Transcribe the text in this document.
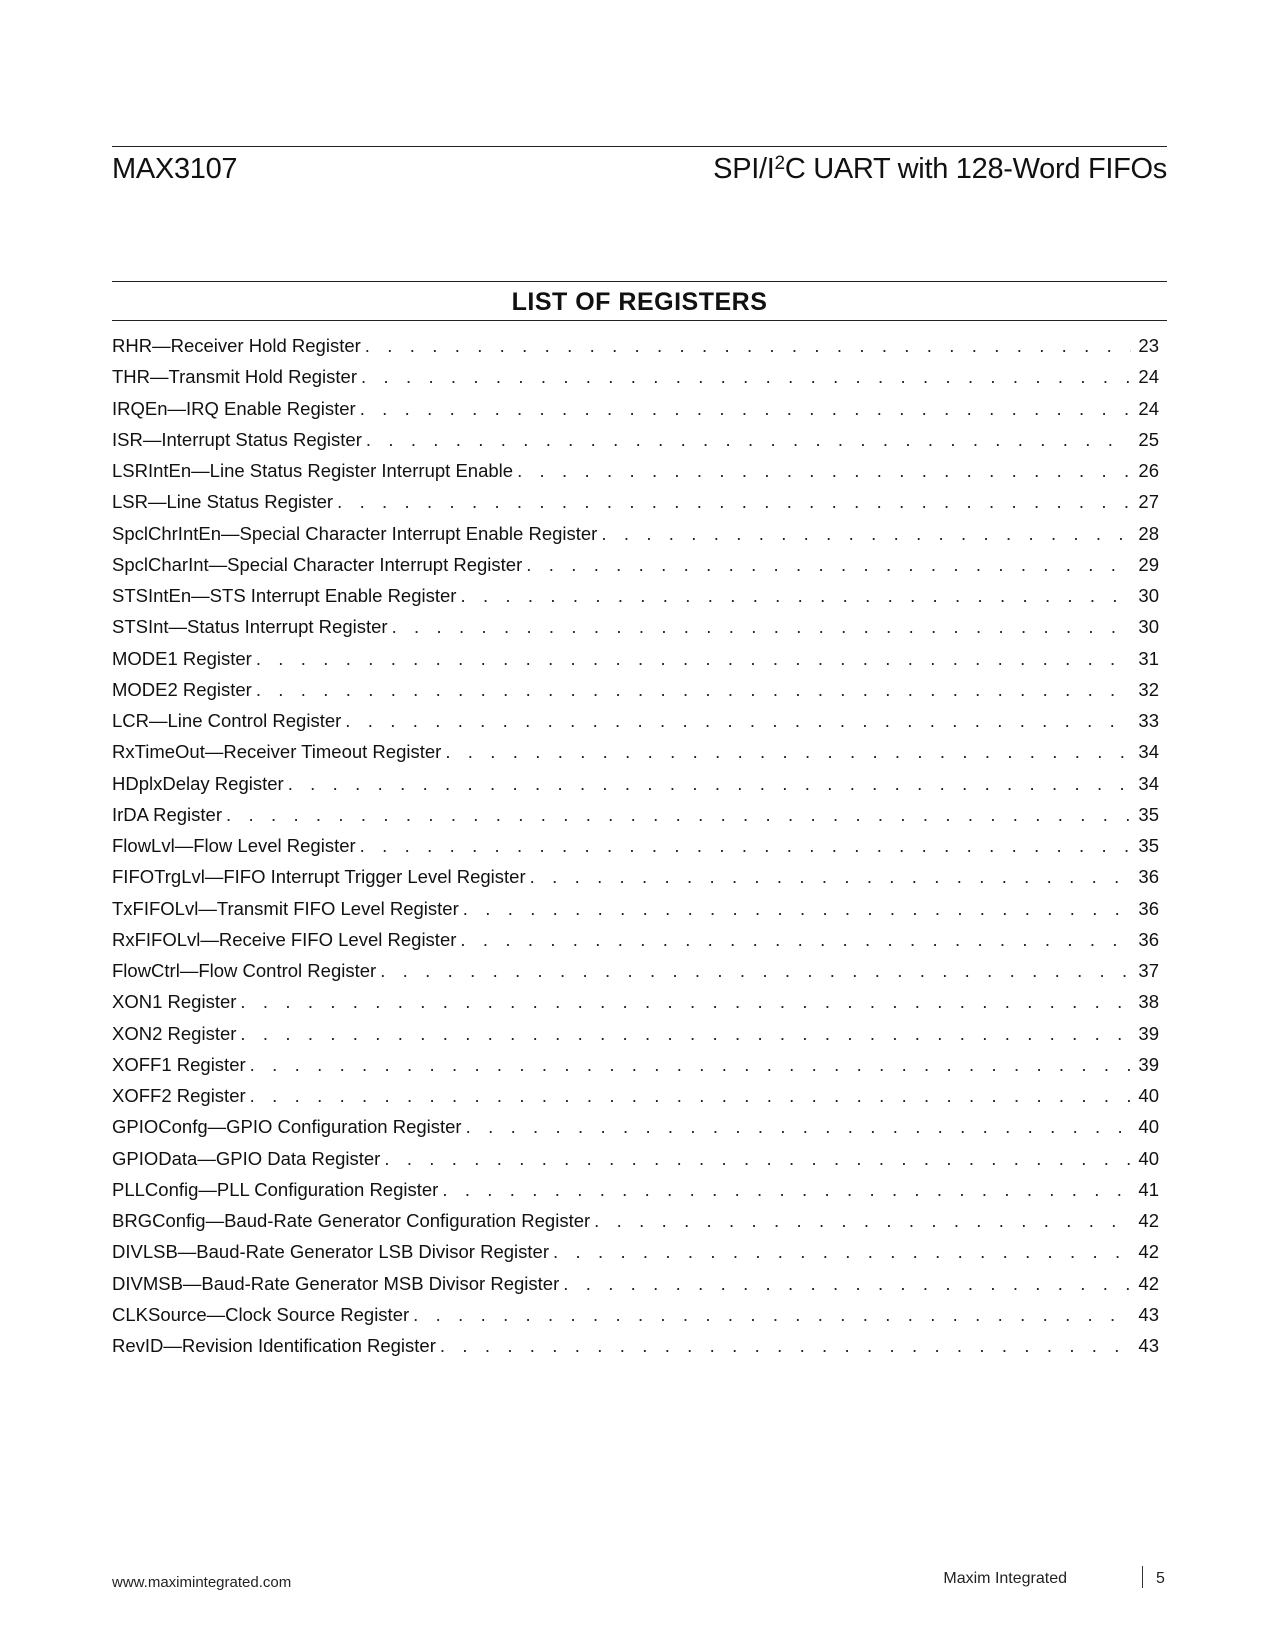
MAX3107	SPI/$I^2C$ UART with 128-Word FIFOs
LIST OF REGISTERS
RHR—Receiver Hold Register . . .	23
THR—Transmit Hold Register . . .	24
IRQEn—IRQ Enable Register . . .	24
ISR—Interrupt Status Register . . .	25
LSRIntEn—Line Status Register Interrupt Enable . . .	26
LSR—Line Status Register . . .	27
SpclChrIntEn—Special Character Interrupt Enable Register . . .	28
SpclCharInt—Special Character Interrupt Register . . .	29
STSIntEn—STS Interrupt Enable Register . . .	30
STSInt—Status Interrupt Register . . .	30
MODE1 Register . . .	31
MODE2 Register . . .	32
LCR—Line Control Register . . .	33
RxTimeOut—Receiver Timeout Register . . .	34
HDplxDelay Register . . .	34
IrDA Register . . .	35
FlowLvl—Flow Level Register . . .	35
FIFOTrgLvl—FIFO Interrupt Trigger Level Register . . .	36
TxFIFOLvl—Transmit FIFO Level Register . . .	36
RxFIFOLvl—Receive FIFO Level Register . . .	36
FlowCtrl—Flow Control Register . . .	37
XON1 Register . . .	38
XON2 Register . . .	39
XOFF1 Register . . .	39
XOFF2 Register . . .	40
GPIOConfg—GPIO Configuration Register . . .	40
GPIOData—GPIO Data Register . . .	40
PLLConfig—PLL Configuration Register . . .	41
BRGConfig—Baud-Rate Generator Configuration Register . . .	42
DIVLSB—Baud-Rate Generator LSB Divisor Register . . .	42
DIVMSB—Baud-Rate Generator MSB Divisor Register . . .	42
CLKSource—Clock Source Register . . .	43
RevID—Revision Identification Register . . .	43
www.maximintegrated.com	Maxim Integrated	5
